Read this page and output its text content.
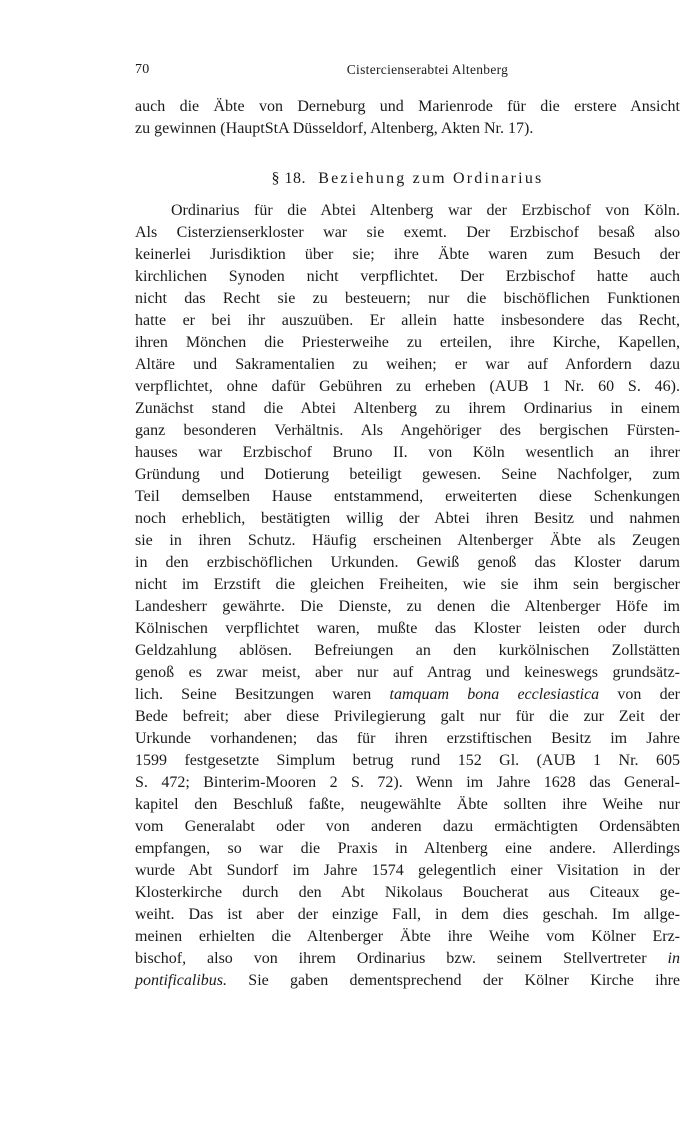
70	Cistercienserabtei Altenberg
auch die Äbte von Derneburg und Marienrode für die erstere Ansicht
zu gewinnen (HauptStA Düsseldorf, Altenberg, Akten Nr. 17).
§ 18. Beziehung zum Ordinarius
Ordinarius für die Abtei Altenberg war der Erzbischof von Köln.
Als Cisterzienserkloster war sie exemt. Der Erzbischof besaß also
keinerlei Jurisdiktion über sie; ihre Äbte waren zum Besuch der
kirchlichen Synoden nicht verpflichtet. Der Erzbischof hatte auch
nicht das Recht sie zu besteuern; nur die bischöflichen Funktionen
hatte er bei ihr auszuüben. Er allein hatte insbesondere das Recht,
ihren Mönchen die Priesterweihe zu erteilen, ihre Kirche, Kapellen,
Altäre und Sakramentalien zu weihen; er war auf Anfordern dazu
verpflichtet, ohne dafür Gebühren zu erheben (AUB 1 Nr. 60 S. 46).
Zunächst stand die Abtei Altenberg zu ihrem Ordinarius in einem
ganz besonderen Verhältnis. Als Angehöriger des bergischen Fürsten-
hauses war Erzbischof Bruno II. von Köln wesentlich an ihrer
Gründung und Dotierung beteiligt gewesen. Seine Nachfolger, zum
Teil demselben Hause entstammend, erweiterten diese Schenkungen
noch erheblich, bestätigten willig der Abtei ihren Besitz und nahmen
sie in ihren Schutz. Häufig erscheinen Altenberger Äbte als Zeugen
in den erzbischöflichen Urkunden. Gewiß genoß das Kloster darum
nicht im Erzstift die gleichen Freiheiten, wie sie ihm sein bergischer
Landesherr gewährte. Die Dienste, zu denen die Altenberger Höfe im
Kölnischen verpflichtet waren, mußte das Kloster leisten oder durch
Geldzahlung ablösen. Befreiungen an den kurkölnischen Zollstätten
genoß es zwar meist, aber nur auf Antrag und keineswegs grundsätz-
lich. Seine Besitzungen waren tamquam bona ecclesiastica von der
Bede befreit; aber diese Privilegierung galt nur für die zur Zeit der
Urkunde vorhandenen; das für ihren erzstiftischen Besitz im Jahre
1599 festgesetzte Simplum betrug rund 152 Gl. (AUB 1 Nr. 605
S. 472; Binterim-Mooren 2 S. 72). Wenn im Jahre 1628 das General-
kapitel den Beschluß faßte, neugewählte Äbte sollten ihre Weihe nur
vom Generalabt oder von anderen dazu ermächtigten Ordensäbten
empfangen, so war die Praxis in Altenberg eine andere. Allerdings
wurde Abt Sundorf im Jahre 1574 gelegentlich einer Visitation in der
Klosterkirche durch den Abt Nikolaus Boucherat aus Citeaux ge-
weiht. Das ist aber der einzige Fall, in dem dies geschah. Im allge-
meinen erhielten die Altenberger Äbte ihre Weihe vom Kölner Erz-
bischof, also von ihrem Ordinarius bzw. seinem Stellvertreter in
pontificalibus. Sie gaben dementsprechend der Kölner Kirche ihre
